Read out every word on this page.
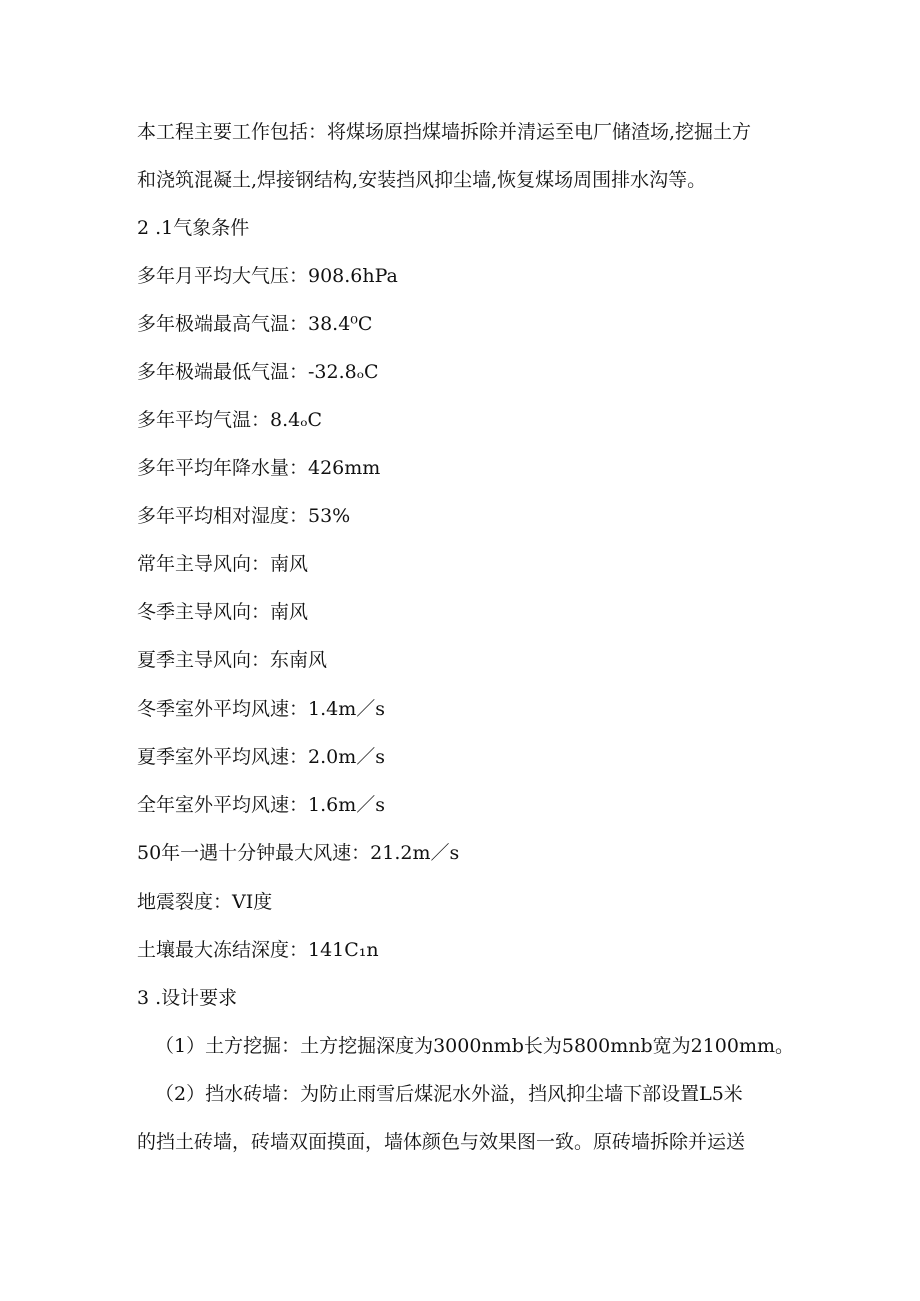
本工程主要工作包括：将煤场原挡煤墙拆除并清运至电厂储渣场,挖掘土方
和浇筑混凝土,焊接钢结构,安装挡风抑尘墙,恢复煤场周围排水沟等。
2 .1气象条件
多年月平均大气压：908.6hPa
多年极端最高气温：38.4⁰C
多年极端最低气温：-32.8ₒC
多年平均气温：8.4ₒC
多年平均年降水量：426mm
多年平均相对湿度：53%
常年主导风向：南风
冬季主导风向：南风
夏季主导风向：东南风
冬季室外平均风速：1.4m／s
夏季室外平均风速：2.0m／s
全年室外平均风速：1.6m／s
50年一遇十分钟最大风速：21.2m／s
地震裂度：VI度
土壤最大冻结深度：141C₁n
3 .设计要求
（1）土方挖掘：土方挖掘深度为3000nmb长为5800mnb宽为2100mm。
（2）挡水砖墙：为防止雨雪后煤泥水外溢，挡风抑尘墙下部设置L5米
的挡土砖墙，砖墙双面摸面，墙体颜色与效果图一致。原砖墙拆除并运送
